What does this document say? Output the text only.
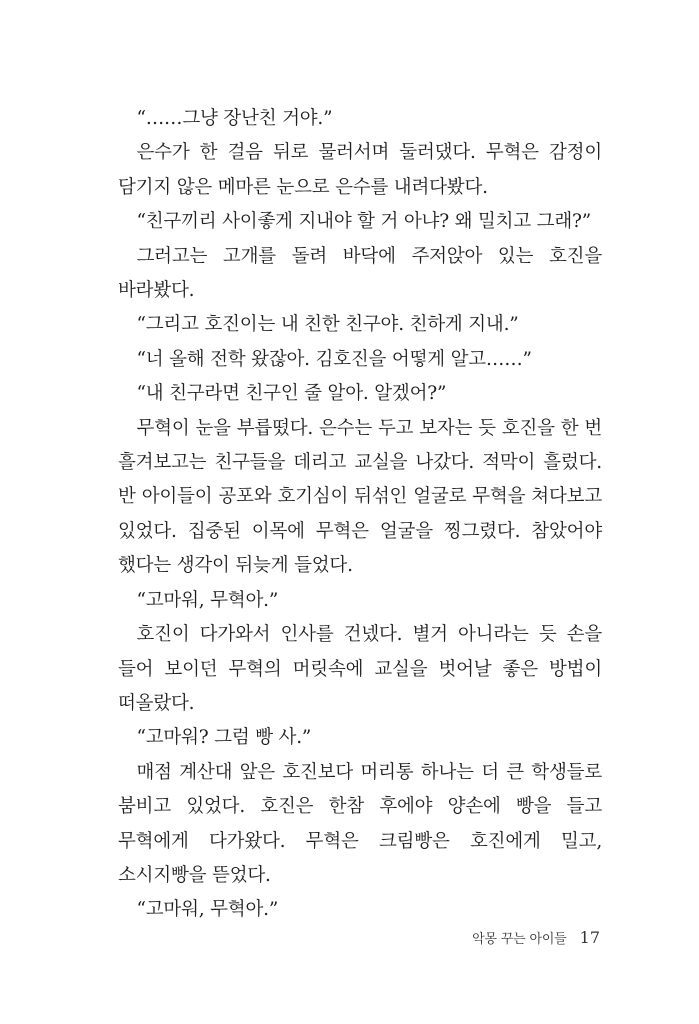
“……그냥 장난친 거야.”

은수가 한 걸음 뒤로 물러서며 둘러댔다. 무혁은 감정이 담기지 않은 메마른 눈으로 은수를 내려다봤다.

“친구끼리 사이좋게 지내야 할 거 아냐? 왜 밀치고 그래?”

그러고는 고개를 돌려 바닥에 주저앉아 있는 호진을 바라봤다.

“그리고 호진이는 내 친한 친구야. 친하게 지내.”

“너 올해 전학 왔잖아. 김호진을 어떻게 알고……”

“내 친구라면 친구인 줄 알아. 알겠어?”

무혁이 눈을 부릅떴다. 은수는 두고 보자는 듯 호진을 한 번 흘겨보고는 친구들을 데리고 교실을 나갔다. 적막이 흘렀다. 반 아이들이 공포와 호기심이 뒤섞인 얼굴로 무혁을 쳐다보고 있었다. 집중된 이목에 무혁은 얼굴을 찡그렸다. 참았어야 했다는 생각이 뒤늦게 들었다.

“고마워, 무혁아.”

호진이 다가와서 인사를 건넸다. 별거 아니라는 듯 손을 들어 보이던 무혁의 머릿속에 교실을 벗어날 좋은 방법이 떠올랐다.

“고마워? 그럼 빵 사.”

매점 계산대 앞은 호진보다 머리통 하나는 더 큰 학생들로 붐비고 있었다. 호진은 한참 후에야 양손에 빵을 들고 무혁에게 다가왔다. 무혁은 크림빵은 호진에게 밀고, 소시지빵을 뜯었다.

“고마워, 무혁아.”

악몽 꾸는 아이들 17
